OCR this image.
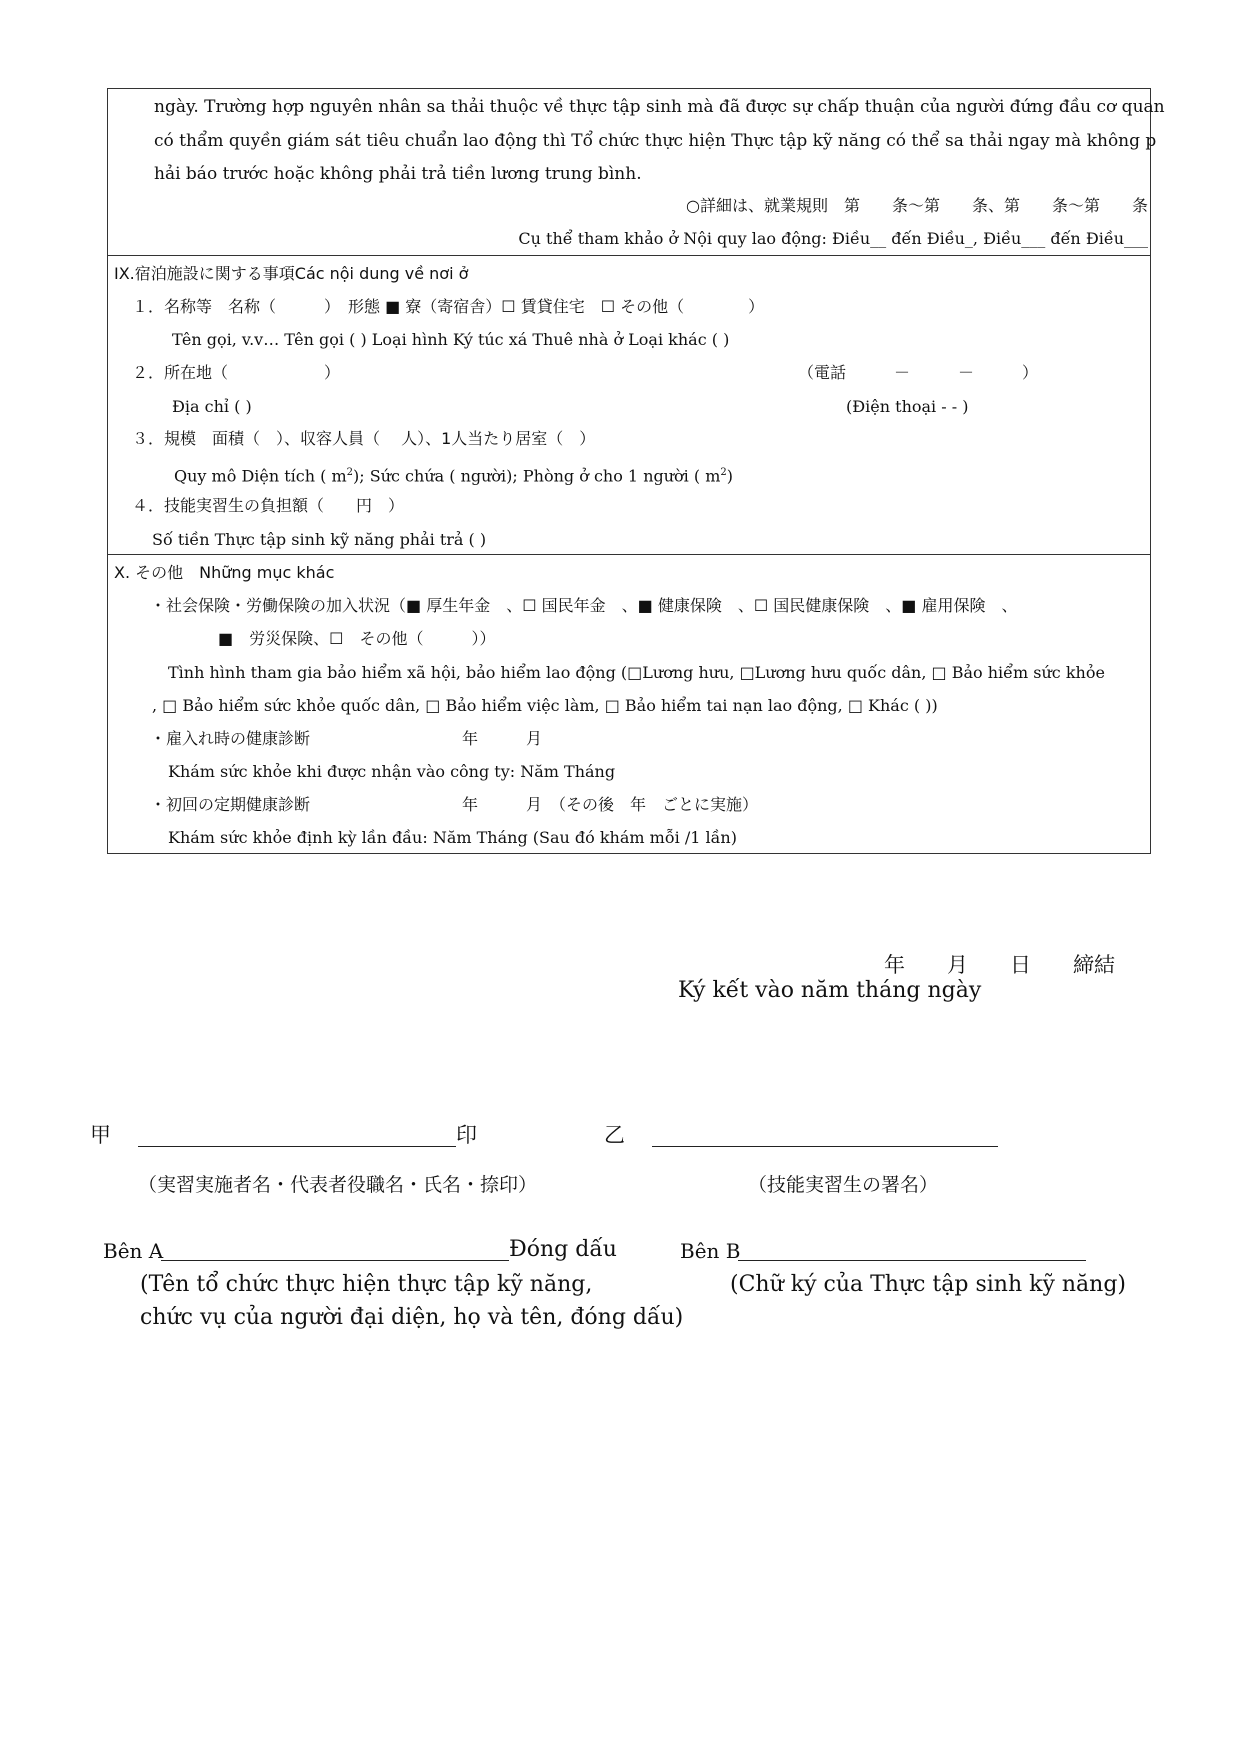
ngày. Trường hợp nguyên nhân sa thải thuộc về thực tập sinh mà đã được sự chấp thuận của người đứng đầu cơ quan
có thẩm quyền giám sát tiêu chuẩn lao động thì Tổ chức thực hiện Thực tập kỹ năng có thể sa thải ngay mà không p
hải báo trước hoặc không phải trả tiền lương trung bình.
○詳細は、就業規則　第　　条～第　　条、第　　条～第　　条
Cụ thể tham khảo ở Nội quy lao động: Điều__ đến Điều_, Điều___ đến Điều___
IX.宿泊施設に関する事項Các nội dung về nơi ở
１．名称等　名称（　　　）　形態 ■ 寮（寄宿舎）☐ 賃貸住宅　☐ その他（　　　　）
Tên gọi, v.v… Tên gọi ( ) Loại hình Ký túc xá Thuê nhà ở Loại khác ( )
２．所在地（　　　　　　）	（電話　　　－　　　－　　　）
Địa chỉ ( )	(Điện thoại - - )
３．規模　面積（　）、収容人員（　 人）、1人当たり居室（　）
Quy mô Diện tích ( $m^2$); Sức chứa ( người); Phòng ở cho 1 người ( $m^2$)
４．技能実習生の負担額（　　円　）
Số tiền Thực tập sinh kỹ năng phải trả ( )
X. その他　Những mục khác
・社会保険・労働保険の加入状況（■ 厚生年金　、☐ 国民年金　、■ 健康保険　、☐ 国民健康保険　、■ 雇用保険　、
■　労災保険、☐　その他（　　　））
Tình hình tham gia bảo hiểm xã hội, bảo hiểm lao động (□Lương hưu, □Lương hưu quốc dân, □ Bảo hiểm sức khỏe
, □ Bảo hiểm sức khỏe quốc dân, □ Bảo hiểm việc làm, □ Bảo hiểm tai nạn lao động, □ Khác ( ))
・雇入れ時の健康診断	年　　　月
Khám sức khỏe khi được nhận vào công ty: Năm Tháng
・初回の定期健康診断	年　　　月　（その後　年　ごとに実施）
Khám sức khỏe định kỳ lần đầu: Năm Tháng (Sau đó khám mỗi /1 lần)
年　　月　　日　　締結
Ký kết vào năm tháng ngày
甲	印	乙
（実習実施者名・代表者役職名・氏名・捺印）	（技能実習生の署名）
Bên A	Đóng dấu	Bên B
(Tên tổ chức thực hiện thực tập kỹ năng,
chức vụ của người đại diện, họ và tên, đóng dấu)
(Chữ ký của Thực tập sinh kỹ năng)
